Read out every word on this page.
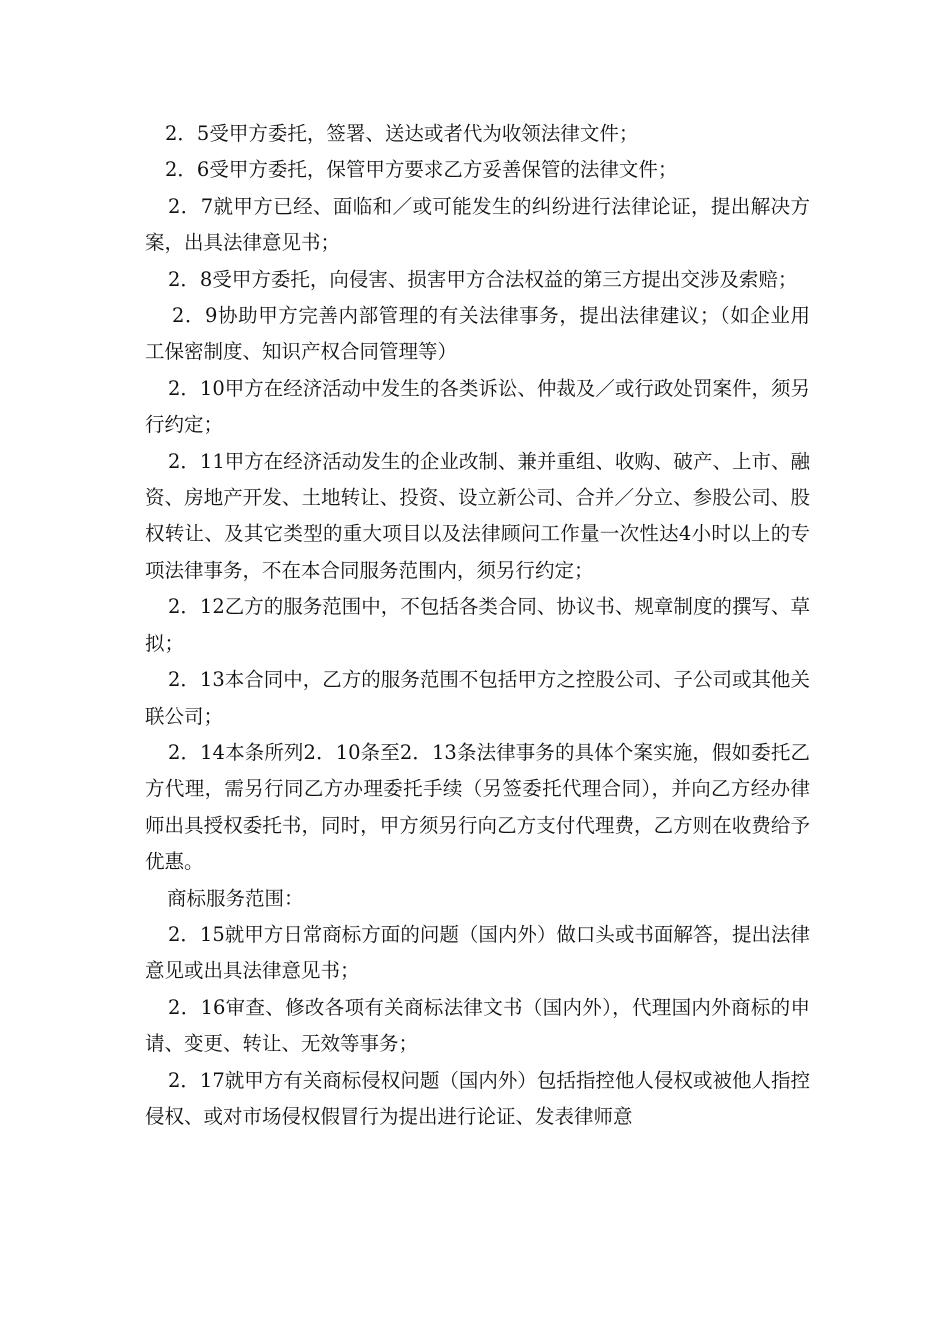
2．5受甲方委托，签署、送达或者代为收领法律文件；

2．6受甲方委托，保管甲方要求乙方妥善保管的法律文件；

2．7就甲方已经、面临和／或可能发生的纠纷进行法律论证，提出解决方案，出具法律意见书；

2．8受甲方委托，向侵害、损害甲方合法权益的第三方提出交涉及索赔；

2．9协助甲方完善内部管理的有关法律事务，提出法律建议；（如企业用工保密制度、知识产权合同管理等）

2．10甲方在经济活动中发生的各类诉讼、仲裁及／或行政处罚案件，须另行约定；

2．11甲方在经济活动发生的企业改制、兼并重组、收购、破产、上市、融资、房地产开发、土地转让、投资、设立新公司、合并／分立、参股公司、股权转让、及其它类型的重大项目以及法律顾问工作量一次性达4小时以上的专项法律事务，不在本合同服务范围内，须另行约定；

2．12乙方的服务范围中，不包括各类合同、协议书、规章制度的撰写、草拟；

2．13本合同中，乙方的服务范围不包括甲方之控股公司、子公司或其他关联公司；

2．14本条所列2．10条至2．13条法律事务的具体个案实施，假如委托乙方代理，需另行同乙方办理委托手续（另签委托代理合同），并向乙方经办律师出具授权委托书，同时，甲方须另行向乙方支付代理费，乙方则在收费给予优惠。

商标服务范围：

2．15就甲方日常商标方面的问题（国内外）做口头或书面解答，提出法律意见或出具法律意见书；

2．16审查、修改各项有关商标法律文书（国内外），代理国内外商标的申请、变更、转让、无效等事务；

2．17就甲方有关商标侵权问题（国内外）包括指控他人侵权或被他人指控侵权、或对市场侵权假冒行为提出进行论证、发表律师意
